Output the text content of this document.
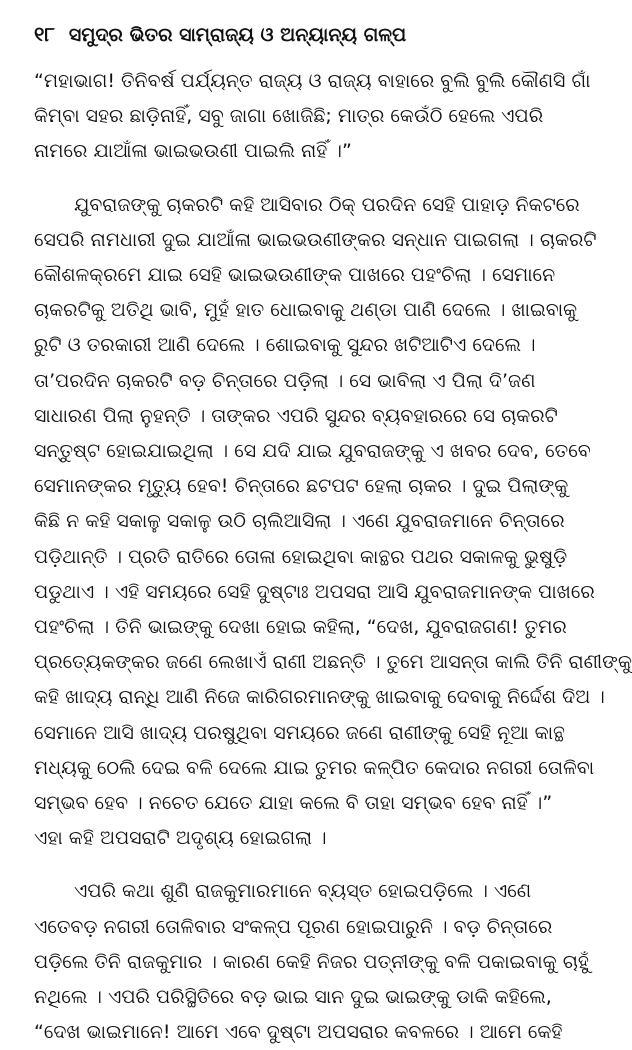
୧୮ ସମୁଦ୍ର ଭିତର ସାମ୍ରାଜ୍ୟ ଓ ଅନ୍ୟାନ୍ୟ ଗଳ୍ପ

“ମହାଭାଗ! ତିନିବର୍ଷ ପର୍ଯ୍ୟନ୍ତ ରାଜ୍ୟ ଓ ରାଜ୍ୟ ବାହାରେ ବୁଲି ବୁଲି କୌଣସି ଗାଁ
କିମ୍ବା ସହର ଛାଡ଼ିନାହିଁ, ସବୁ ଜାଗା ଖୋଜିଛି; ମାତ୍ର କେଉଁଠି ହେଲେ ଏପରି
ନାମରେ ଯାଆଁଳା ଭାଇଭଉଣୀ ପାଇଲି ନାହିଁ ।”

ଯୁବରାଜଙ୍କୁ ଚାକରଟି କହି ଆସିବାର ଠିକ୍ ପରଦିନ ସେହି ପାହାଡ଼ ନିକଟରେ
ସେପରି ନାମଧାରୀ ଦୁଇ ଯାଆଁଳା ଭାଇଭଉଣୀଙ୍କର ସନ୍ଧାନ ପାଇଗଲା । ଚାକରଟି
କୌଶଳକ୍ରମେ ଯାଇ ସେହି ଭାଇଭଉଣୀଙ୍କ ପାଖରେ ପହଂଚିଲା । ସେମାନେ
ଚାକରଟିକୁ ଅତିଥି ଭାବି, ମୁହଁ ହାତ ଧୋଇବାକୁ ଥଣ୍ଡା ପାଣି ଦେଲେ । ଖାଇବାକୁ
ରୁଟି ଓ ତରକାରୀ ଆଣି ଦେଲେ । ଶୋଇବାକୁ ସୁନ୍ଦର ଖଟିଆଟିଏ ଦେଲେ ।
ତା’ପରଦିନ ଚାକରଟି ବଡ଼ ଚିନ୍ତାରେ ପଡ଼ିଲା । ସେ ଭାବିଲା ଏ ପିଲା ଦି’ଜଣ
ସାଧାରଣ ପିଲା ନୁହନ୍ତି । ତାଙ୍କର ଏପରି ସୁନ୍ଦର ବ୍ୟବହାରରେ ସେ ଚାକରଟି
ସନ୍ତୁଷ୍ଟ ହୋଇଯାଇଥିଲା । ସେ ଯଦି ଯାଇ ଯୁବରାଜଙ୍କୁ ଏ ଖବର ଦେବ, ତେବେ
ସେମାନଙ୍କର ମୃତ୍ୟୁ ହେବ! ଚିନ୍ତାରେ ଛଟପଟ ହେଲା ଚାକର । ଦୁଇ ପିଲାଙ୍କୁ
କିଛି ନ କହି ସକାଳୁ ସକାଳୁ ଉଠି ଚାଲିଆସିଲା । ଏଣେ ଯୁବରାଜମାନେ ଚିନ୍ତାରେ
ପଡ଼ିଥାନ୍ତି । ପ୍ରତି ରାତିରେ ତୋଳା ହୋଇଥିବା କାନ୍ଥର ପଥର ସକାଳକୁ ଭୁଷୁଡ଼ି
ପଡୁଥାଏ । ଏହି ସମୟରେ ସେହି ଦୁଷ୍ଟାଃ ଅପସରା ଆସି ଯୁବରାଜମାନଙ୍କ ପାଖରେ
ପହଂଚିଲା । ତିନି ଭାଇଙ୍କୁ ଦେଖା ହୋଇ କହିଲା, “ଦେଖ, ଯୁବରାଜଗଣ! ତୁମର
ପ୍ରତ୍ୟେକଙ୍କର ଜଣେ ଲେଖାଏଁ ରାଣୀ ଅଛନ୍ତି । ତୁମେ ଆସନ୍ତା କାଲି ତିନି ରାଣୀଙ୍କୁ
କହି ଖାଦ୍ୟ ରାନ୍ଧି ଆଣି ନିଜେ କାରିଗରମାନଙ୍କୁ ଖାଇବାକୁ ଦେବାକୁ ନିର୍ଦ୍ଦେଶ ଦିଅ ।
ସେମାନେ ଆସି ଖାଦ୍ୟ ପରଷୁଥିବା ସମୟରେ ଜଣେ ରାଣୀଙ୍କୁ ସେହି ନୂଆ କାନ୍ଥ
ମଧ୍ୟକୁ ଠେଲି ଦେଇ ବଳି ଦେଲେ ଯାଇ ତୁମର କଳ୍ପିତ କେଦାର ନଗରୀ ତୋଳିବା
ସମ୍ଭବ ହେବ । ନଚେତ ଯେତେ ଯାହା କଲେ ବି ତାହା ସମ୍ଭବ ହେବ ନାହିଁ ।”
ଏହା କହି ଅପସରାଟି ଅଦୃଶ୍ୟ ହୋଇଗଲା ।

ଏପରି କଥା ଶୁଣି ରାଜକୁମାରମାନେ ବ୍ୟସ୍ତ ହୋଇପଡ଼ିଲେ । ଏଣେ
ଏତେବଡ଼ ନଗରୀ ତୋଳିବାର ସଂକଳ୍ପ ପୂରଣ ହୋଇପାରୁନି । ବଡ଼ ଚିନ୍ତାରେ
ପଡ଼ିଲେ ତିନି ରାଜକୁମାର । କାରଣ କେହି ନିଜର ପତ୍ନୀଙ୍କୁ ବଳି ପକାଇବାକୁ ଚାହୁଁ
ନଥିଲେ । ଏପରି ପରିସ୍ଥିତିରେ ବଡ଼ ଭାଇ ସାନ ଦୁଇ ଭାଇଙ୍କୁ ଡାକି କହିଲେ,
“ଦେଖ ଭାଇମାନେ! ଆମେ ଏବେ ଦୁଷ୍ଟା ଅପସରାର କବଳରେ । ଆମେ କେହି
